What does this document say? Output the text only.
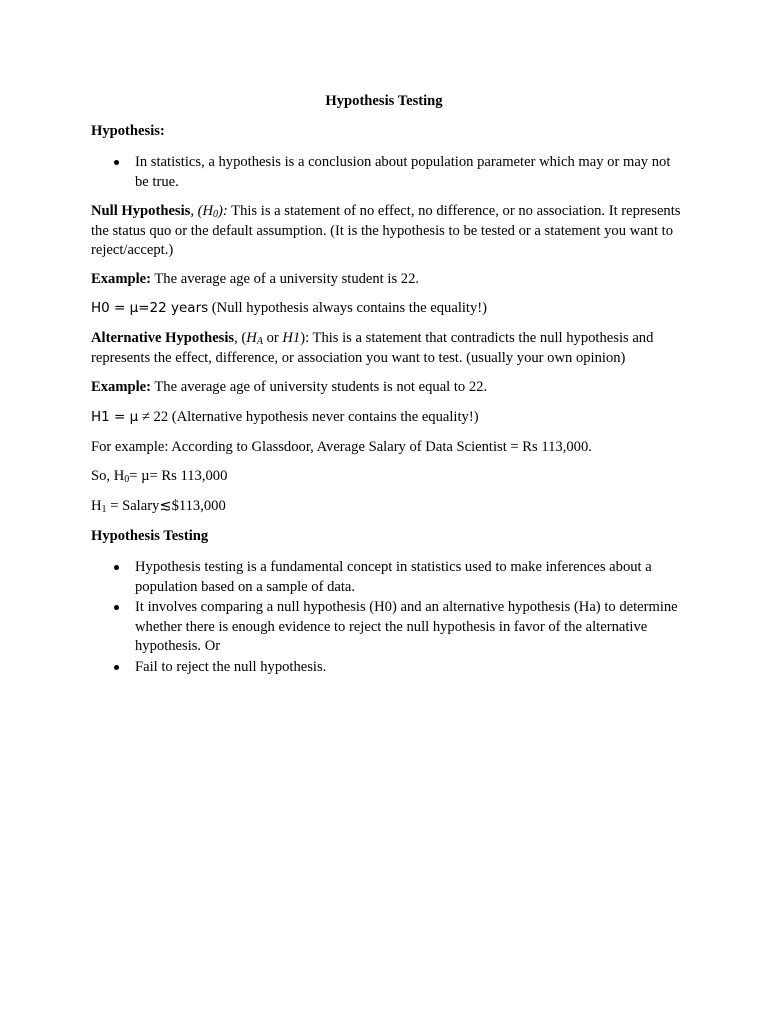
Hypothesis Testing
Hypothesis:
In statistics, a hypothesis is a conclusion about population parameter which may or may not be true.

Null Hypothesis, $(H_0)$: This is a statement of no effect, no difference, or no association. It represents the status quo or the default assumption. (It is the hypothesis to be tested or a statement you want to reject/accept.)

Example: The average age of a university student is 22.

H0 = µ=22 years (Null hypothesis always contains the equality!)

Alternative Hypothesis, ($H_A$ or H1): This is a statement that contradicts the null hypothesis and represents the effect, difference, or association you want to test. (usually your own opinion)

Example: The average age of university students is not equal to 22.

H1 = µ ≠ 22 (Alternative hypothesis never contains the equality!)

For example: According to Glassdoor, Average Salary of Data Scientist = Rs 113,000.

So, $H_0= \mu= Rs$ 113,000

$H_1$ = Salary≲$113,000

Hypothesis Testing
Hypothesis testing is a fundamental concept in statistics used to make inferences about a population based on a sample of data.
It involves comparing a null hypothesis (H0) and an alternative hypothesis (Ha) to determine whether there is enough evidence to reject the null hypothesis in favor of the alternative hypothesis. Or
Fail to reject the null hypothesis.
